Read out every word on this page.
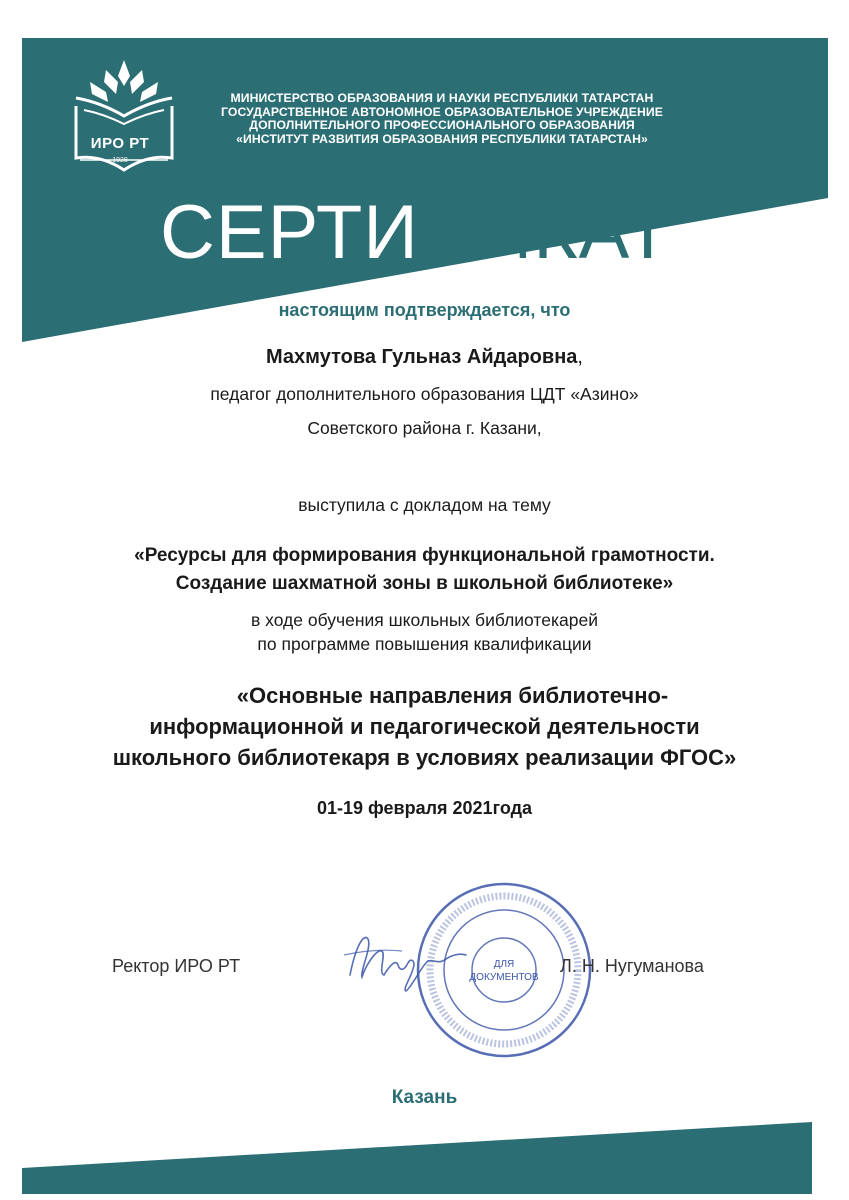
ИРО РТ
1928
МИНИСТЕРСТВО ОБРАЗОВАНИЯ И НАУКИ РЕСПУБЛИКИ ТАТАРСТАН
ГОСУДАРСТВЕННОЕ АВТОНОМНОЕ ОБРАЗОВАТЕЛЬНОЕ УЧРЕЖДЕНИЕ
ДОПОЛНИТЕЛЬНОГО ПРОФЕССИОНАЛЬНОГО ОБРАЗОВАНИЯ
«ИНСТИТУТ РАЗВИТИЯ ОБРАЗОВАНИЯ РЕСПУБЛИКИ ТАТАРСТАН»
СЕРТИФИКАТ
настоящим подтверждается, что
Махмутова Гульназ Айдаровна,
педагог дополнительного образования ЦДТ «Азино»
Советского района г. Казани,
выступила с докладом на тему
«Ресурсы для формирования функциональной грамотности.
Создание шахматной зоны в школьной библиотеке»
в ходе обучения школьных библиотекарей
по программе повышения квалификации
«Основные направления библиотечно-
информационной и педагогической деятельности
школьного библиотекаря в условиях реализации ФГОС»
01-19 февраля 2021года
ДЛЯ
ДОКУМЕНТОВ
Ректор ИРО РТ	Л. Н. Нугуманова
Казань
